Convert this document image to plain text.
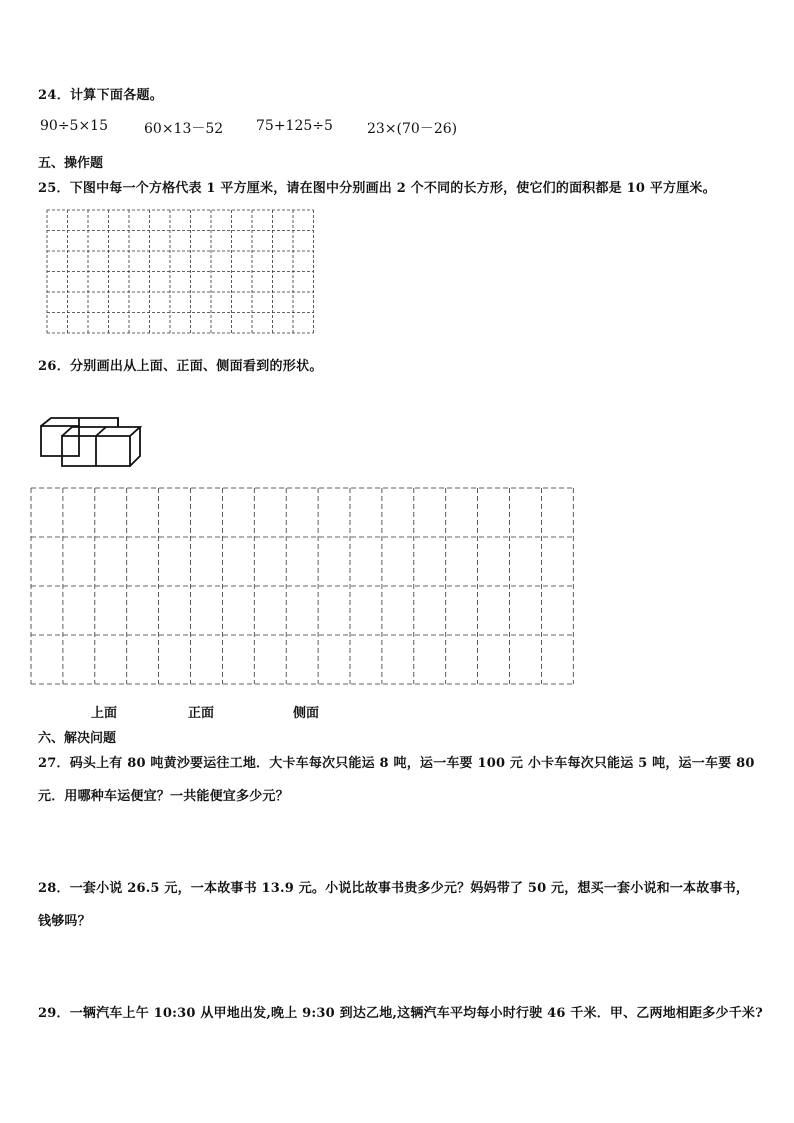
24．计算下面各题。
90÷5×15	60×13－52 75+125÷5 23×(70－26)
五、操作题
25．下图中每一个方格代表 1 平方厘米，请在图中分别画出 2 个不同的长方形，使它们的面积都是 10 平方厘米。
26．分别画出从上面、正面、侧面看到的形状。
上面	正面	侧面
六、解决问题
27．码头上有 80 吨黄沙要运往工地．大卡车每次只能运 8 吨，运一车要 100 元 小卡车每次只能运 5 吨，运一车要 80
元．用哪种车运便宜？一共能便宜多少元？
28．一套小说 26.5 元，一本故事书 13.9 元。小说比故事书贵多少元？妈妈带了 50 元，想买一套小说和一本故事书，
钱够吗？
29．一辆汽车上午 10:30 从甲地出发,晚上 9:30 到达乙地,这辆汽车平均每小时行驶 46 千米．甲、乙两地相距多少千米?
